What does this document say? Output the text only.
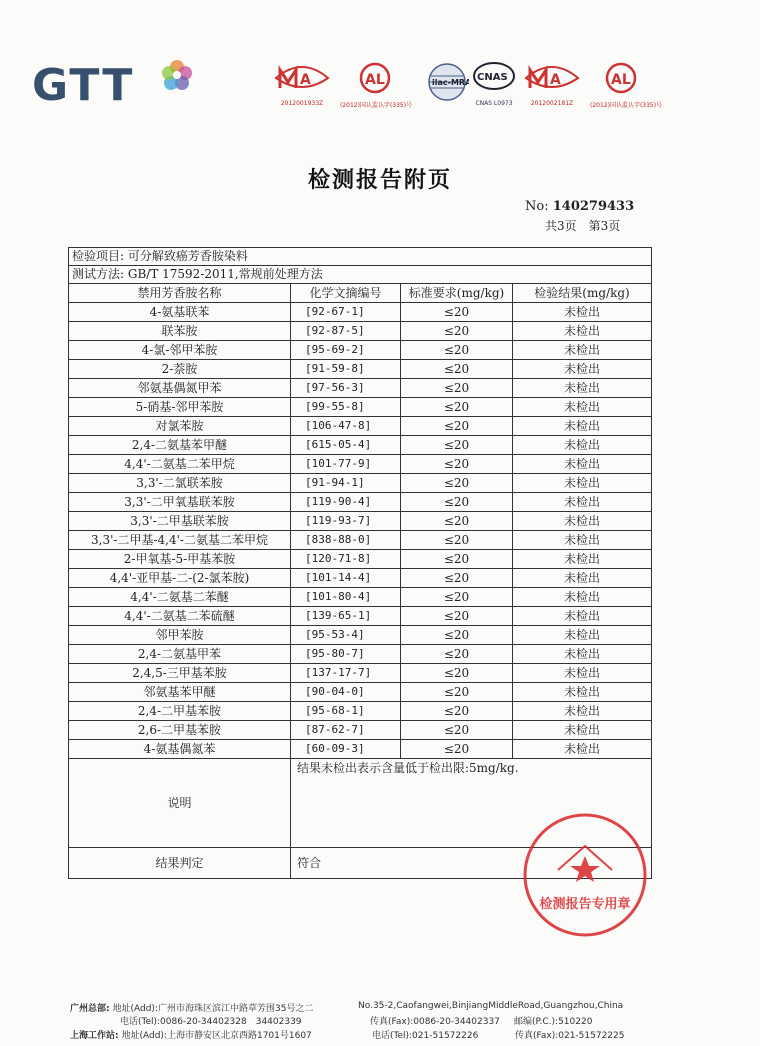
GTT	A
2012001933Z
AL
(2012)国认监认字(335)号
ilac-MRA CNAS
CNAS L0973
A
2012002181Z
AL
(2012)国认监认字(335)号
检测报告附页
No: 140279433
共3页　第3页
检验项目: 可分解致癌芳香胺染料			
测试方法: GB/T 17592-2011,常规前处理方法			
禁用芳香胺名称	化学文摘编号	标准要求(mg/kg)	检验结果(mg/kg)
4-氨基联苯	[92-67-1]	≤20	未检出
联苯胺	[92-87-5]	≤20	未检出
4-氯-邻甲苯胺	[95-69-2]	≤20	未检出
2-萘胺	[91-59-8]	≤20	未检出
邻氨基偶氮甲苯	[97-56-3]	≤20	未检出
5-硝基-邻甲苯胺	[99-55-8]	≤20	未检出
对氯苯胺	[106-47-8]	≤20	未检出
2,4-二氨基苯甲醚	[615-05-4]	≤20	未检出
4,4'-二氨基二苯甲烷	[101-77-9]	≤20	未检出
3,3'-二氯联苯胺	[91-94-1]	≤20	未检出
3,3'-二甲氧基联苯胺	[119-90-4]	≤20	未检出
3,3'-二甲基联苯胺	[119-93-7]	≤20	未检出
3,3'-二甲基-4,4'-二氨基二苯甲烷	[838-88-0]	≤20	未检出
2-甲氧基-5-甲基苯胺	[120-71-8]	≤20	未检出
4,4'-亚甲基-二-(2-氯苯胺)	[101-14-4]	≤20	未检出
4,4'-二氨基二苯醚	[101-80-4]	≤20	未检出
4,4'-二氨基二苯硫醚	[139-65-1]	≤20	未检出
邻甲苯胺	[95-53-4]	≤20	未检出
2,4-二氨基甲苯	[95-80-7]	≤20	未检出
2,4,5-三甲基苯胺	[137-17-7]	≤20	未检出
邻氨基苯甲醚	[90-04-0]	≤20	未检出
2,4-二甲基苯胺	[95-68-1]	≤20	未检出
2,6-二甲基苯胺	[87-62-7]	≤20	未检出
4-氨基偶氮苯	[60-09-3]	≤20	未检出
说明	结果未检出表示含量低于检出限:5mg/kg.		
结果判定	符合		
检测报告专用章
广州总部: 地址(Add):广州市海珠区滨江中路草芳围35号之二	No.35-2,Caofangwei,BinjiangMiddleRoad,Guangzhou,China
电话(Tel):0086-20-34402328　34402339	传真(Fax):0086-20-34402337 邮编(P.C.):510220
上海工作站: 地址(Add):上海市静安区北京西路1701号1607	电话(Tel):021-51572226	传真(Fax):021-51572225
